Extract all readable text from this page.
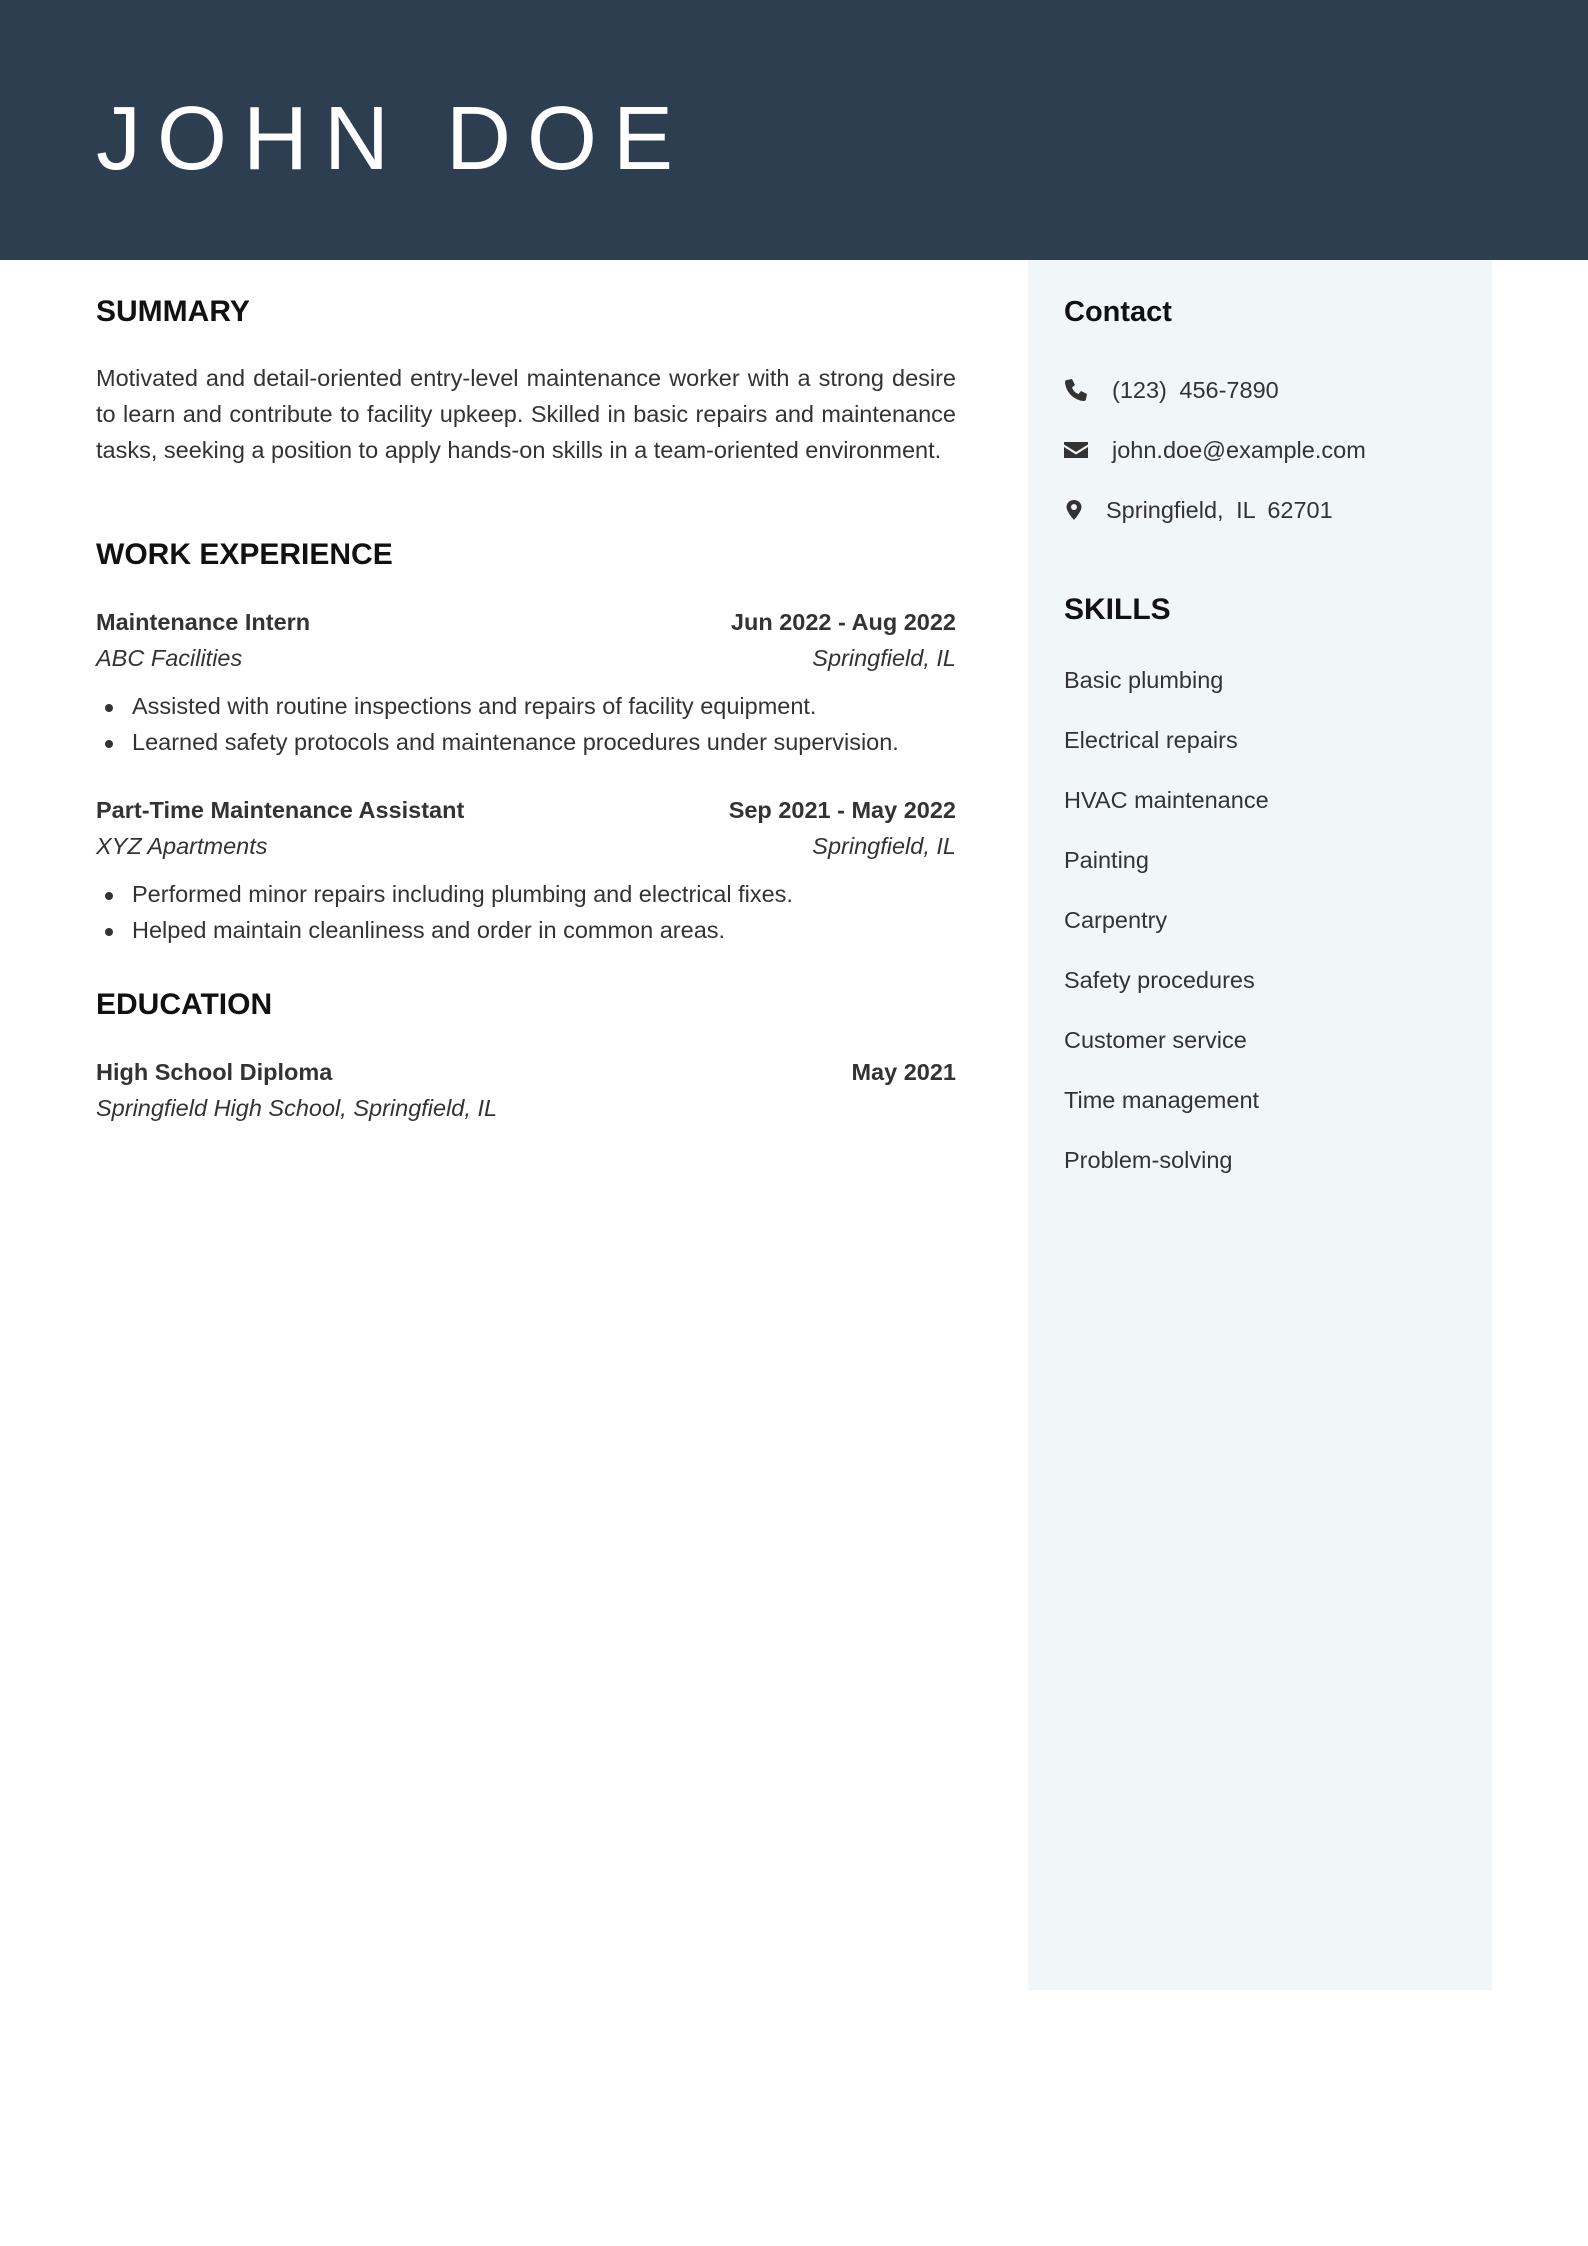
JOHN DOE
SUMMARY

Motivated and detail-oriented entry-level maintenance worker with a strong desire to learn and contribute to facility upkeep. Skilled in basic repairs and maintenance tasks, seeking a position to apply hands-on skills in a team-oriented environment.

WORK EXPERIENCE
Maintenance Intern	Jun 2022 - Aug 2022
ABC Facilities	Springfield, IL
Assisted with routine inspections and repairs of facility equipment.
Learned safety protocols and maintenance procedures under supervision.
Part-Time Maintenance Assistant	Sep 2021 - May 2022
XYZ Apartments	Springfield, IL
Performed minor repairs including plumbing and electrical fixes.
Helped maintain cleanliness and order in common areas.
EDUCATION
High School Diploma	May 2021
Springfield High School, Springfield, IL
Contact
(123) 456-7890
john.doe@example.com
Springfield, IL 62701
SKILLS
Basic plumbing
Electrical repairs
HVAC maintenance
Painting
Carpentry
Safety procedures
Customer service
Time management
Problem-solving
